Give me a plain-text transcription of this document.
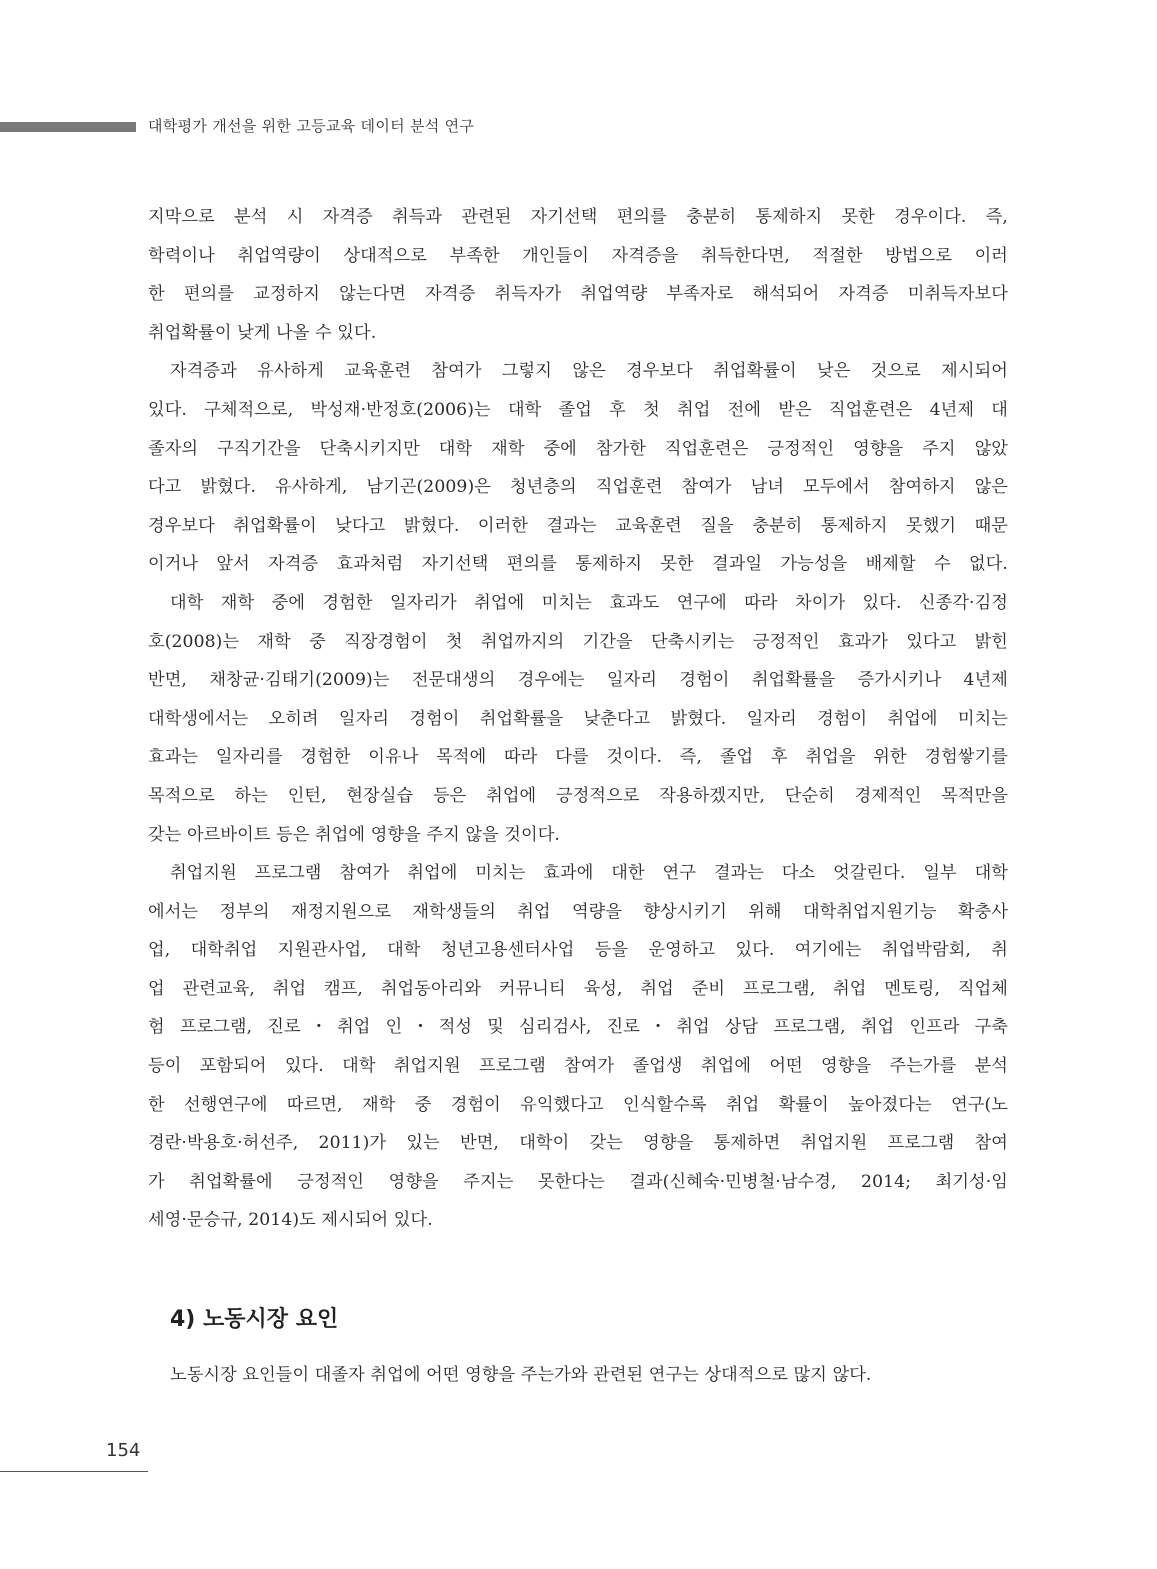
대학평가 개선을 위한 고등교육 데이터 분석 연구
지막으로 분석 시 자격증 취득과 관련된 자기선택 편의를 충분히 통제하지 못한 경우이다. 즉,
학력이나 취업역량이 상대적으로 부족한 개인들이 자격증을 취득한다면, 적절한 방법으로 이러
한 편의를 교정하지 않는다면 자격증 취득자가 취업역량 부족자로 해석되어 자격증 미취득자보다
취업확률이 낮게 나올 수 있다.
자격증과 유사하게 교육훈련 참여가 그렇지 않은 경우보다 취업확률이 낮은 것으로 제시되어
있다. 구체적으로, 박성재·반정호(2006)는 대학 졸업 후 첫 취업 전에 받은 직업훈련은 4년제 대
졸자의 구직기간을 단축시키지만 대학 재학 중에 참가한 직업훈련은 긍정적인 영향을 주지 않았
다고 밝혔다. 유사하게, 남기곤(2009)은 청년층의 직업훈련 참여가 남녀 모두에서 참여하지 않은
경우보다 취업확률이 낮다고 밝혔다. 이러한 결과는 교육훈련 질을 충분히 통제하지 못했기 때문
이거나 앞서 자격증 효과처럼 자기선택 편의를 통제하지 못한 결과일 가능성을 배제할 수 없다.
대학 재학 중에 경험한 일자리가 취업에 미치는 효과도 연구에 따라 차이가 있다. 신종각·김정
호(2008)는 재학 중 직장경험이 첫 취업까지의 기간을 단축시키는 긍정적인 효과가 있다고 밝힌
반면, 채창균·김태기(2009)는 전문대생의 경우에는 일자리 경험이 취업확률을 증가시키나 4년제
대학생에서는 오히려 일자리 경험이 취업확률을 낮춘다고 밝혔다. 일자리 경험이 취업에 미치는
효과는 일자리를 경험한 이유나 목적에 따라 다를 것이다. 즉, 졸업 후 취업을 위한 경험쌓기를
목적으로 하는 인턴, 현장실습 등은 취업에 긍정적으로 작용하겠지만, 단순히 경제적인 목적만을
갖는 아르바이트 등은 취업에 영향을 주지 않을 것이다.
취업지원 프로그램 참여가 취업에 미치는 효과에 대한 연구 결과는 다소 엇갈린다. 일부 대학
에서는 정부의 재정지원으로 재학생들의 취업 역량을 향상시키기 위해 대학취업지원기능 확충사
업, 대학취업 지원관사업, 대학 청년고용센터사업 등을 운영하고 있다. 여기에는 취업박람회, 취
업 관련교육, 취업 캠프, 취업동아리와 커뮤니티 육성, 취업 준비 프로그램, 취업 멘토링, 직업체
험 프로그램, 진로・취업 인・적성 및 심리검사, 진로・취업 상담 프로그램, 취업 인프라 구축
등이 포함되어 있다. 대학 취업지원 프로그램 참여가 졸업생 취업에 어떤 영향을 주는가를 분석
한 선행연구에 따르면, 재학 중 경험이 유익했다고 인식할수록 취업 확률이 높아졌다는 연구(노
경란·박용호·허선주, 2011)가 있는 반면, 대학이 갖는 영향을 통제하면 취업지원 프로그램 참여
가 취업확률에 긍정적인 영향을 주지는 못한다는 결과(신혜숙·민병철·남수경, 2014; 최기성·임
세영·문승규, 2014)도 제시되어 있다.
4) 노동시장 요인
노동시장 요인들이 대졸자 취업에 어떤 영향을 주는가와 관련된 연구는 상대적으로 많지 않다.
154
